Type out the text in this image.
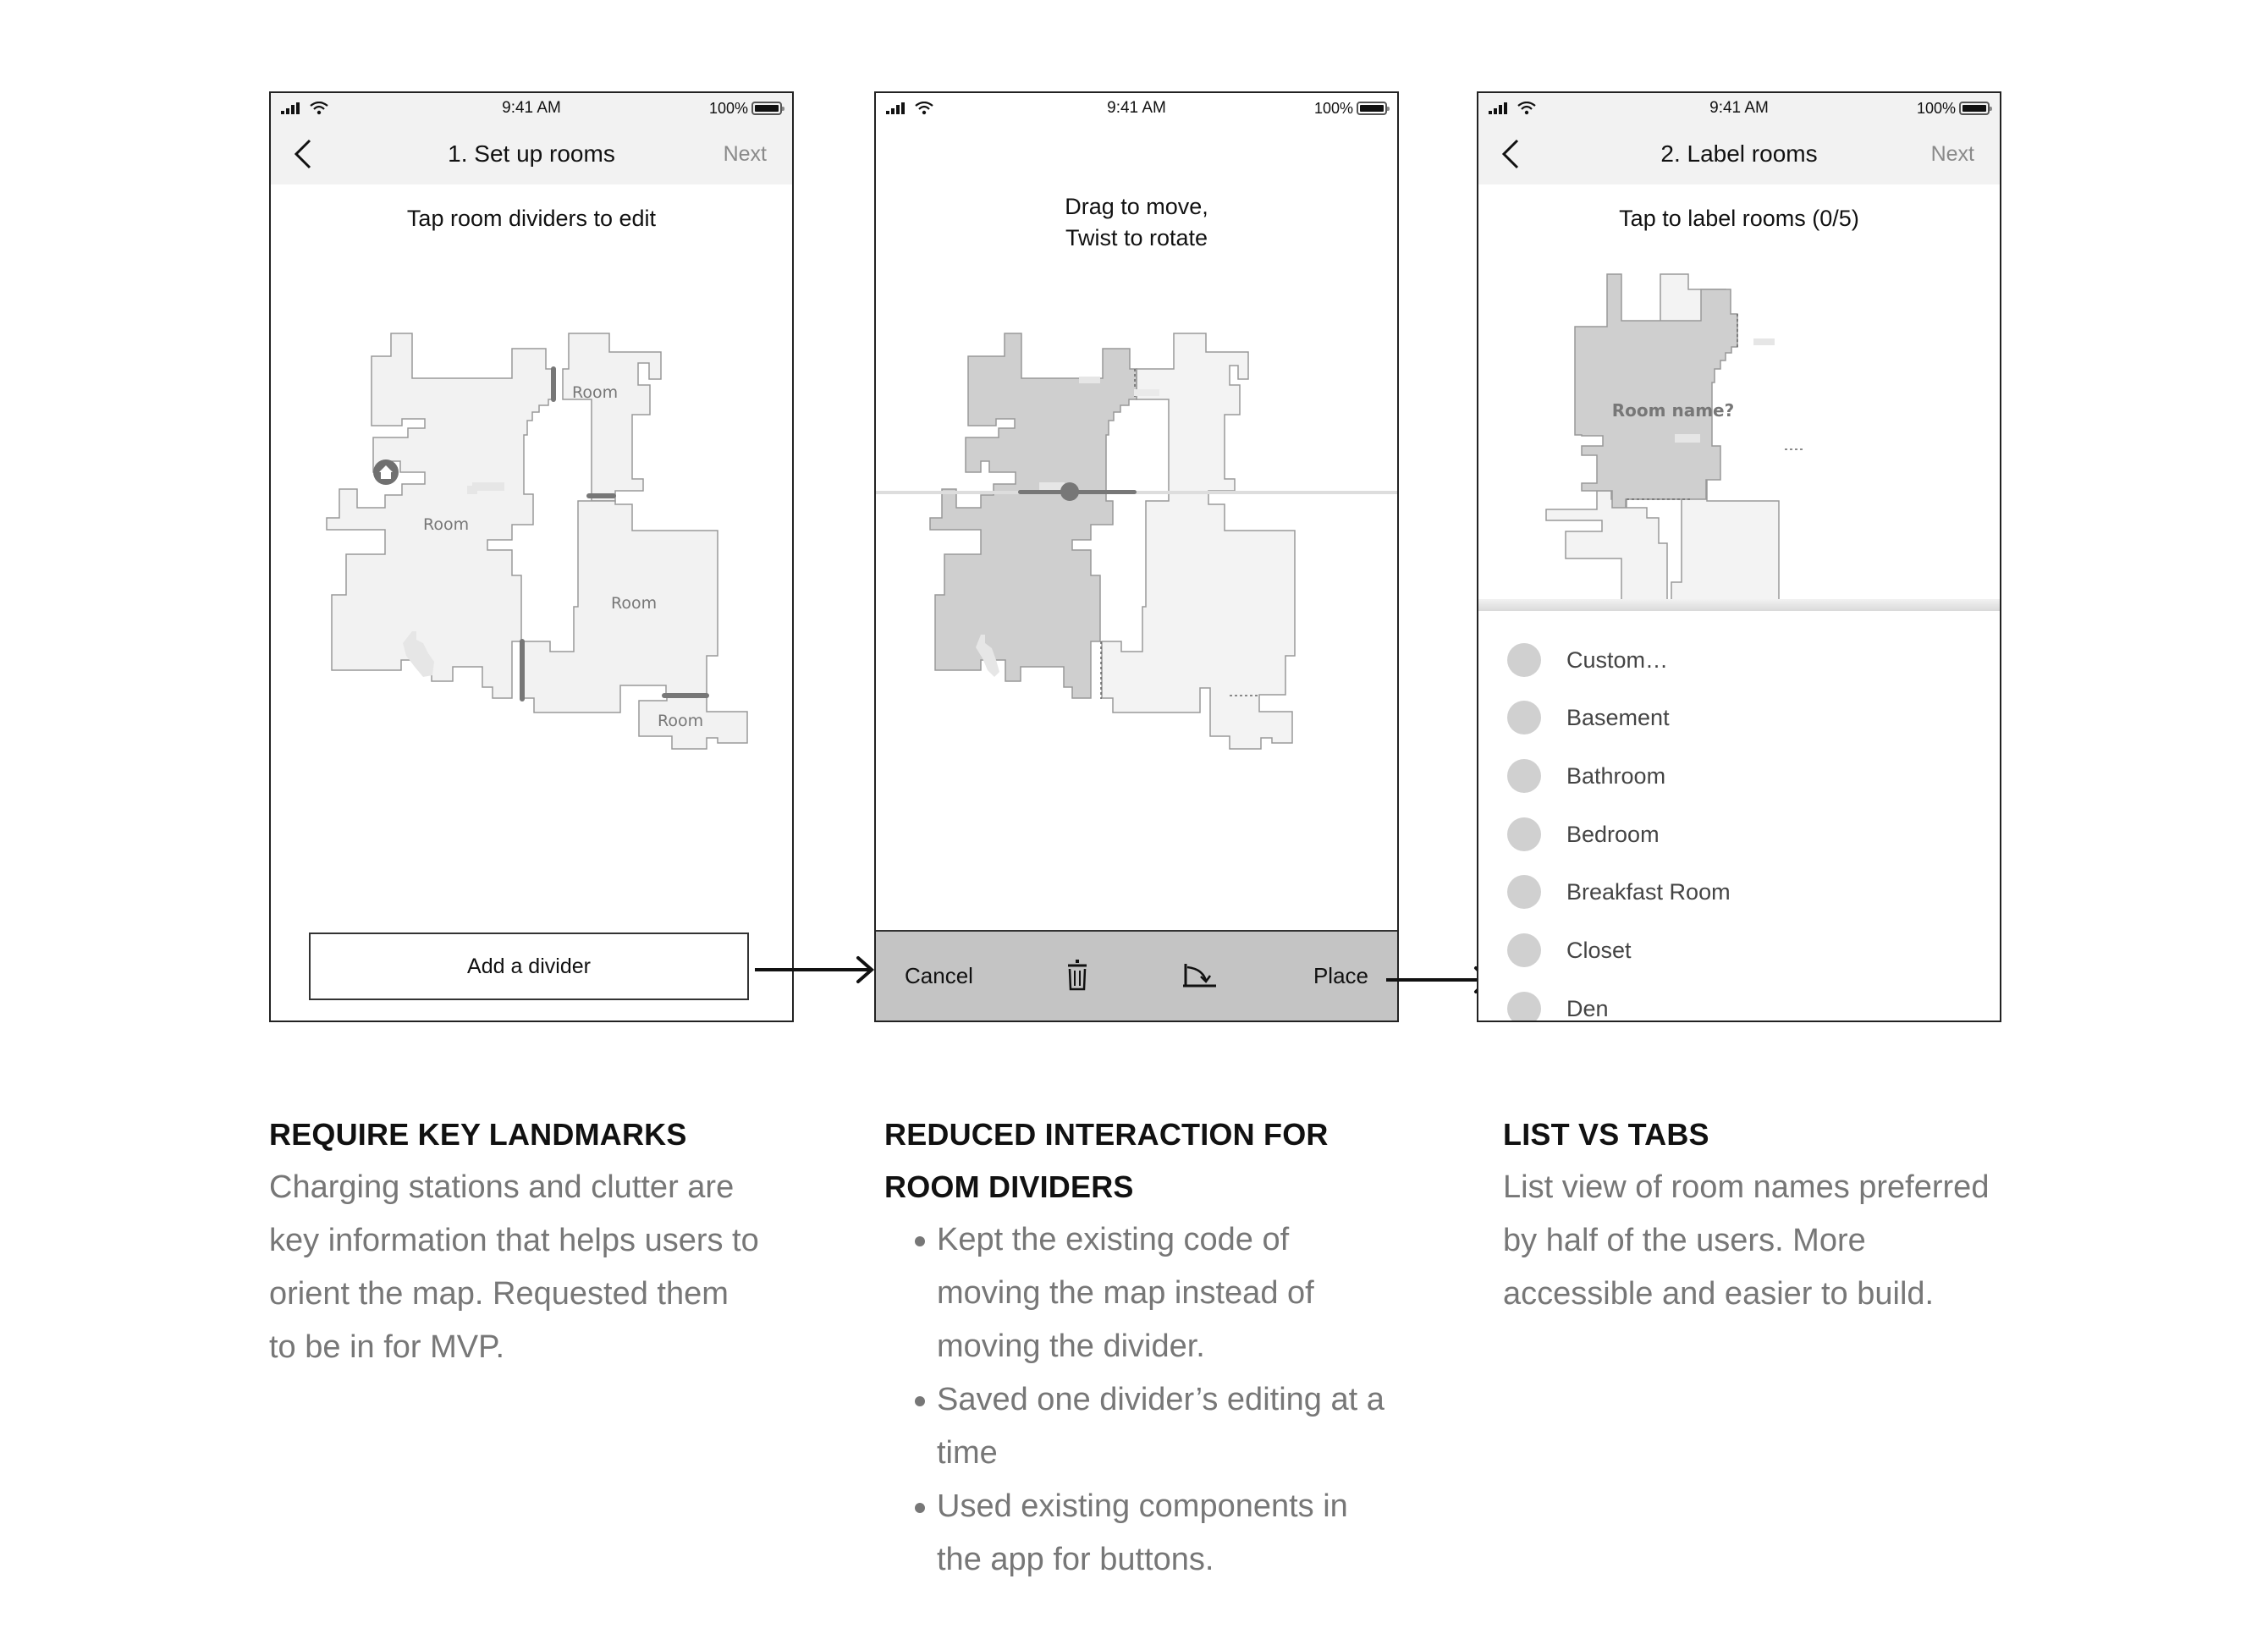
9:41 AM	100%
1. Set up rooms	Next
Tap room dividers to edit
Room
Room
Room
Room
Add a divider
9:41 AM	100%
Drag to move,
Twist to rotate
Cancel	Place
9:41 AM	100%
2. Label rooms	Next
Tap to label rooms (0/5)
Room name?
Custom…
Basement
Bathroom
Bedroom
Breakfast Room
Closet
Den
REQUIRE KEY LANDMARKS

Charging stations and clutter are

key information that helps users to

orient the map. Requested them

to be in for MVP.

REDUCED INTERACTION FOR
ROOM DIVIDERS
Kept the existing code of
moving the map instead of
moving the divider.
Saved one divider’s editing at a
time
Used existing components in
the app for buttons.
LIST VS TABS

List view of room names preferred

by half of the users. More

accessible and easier to build.
